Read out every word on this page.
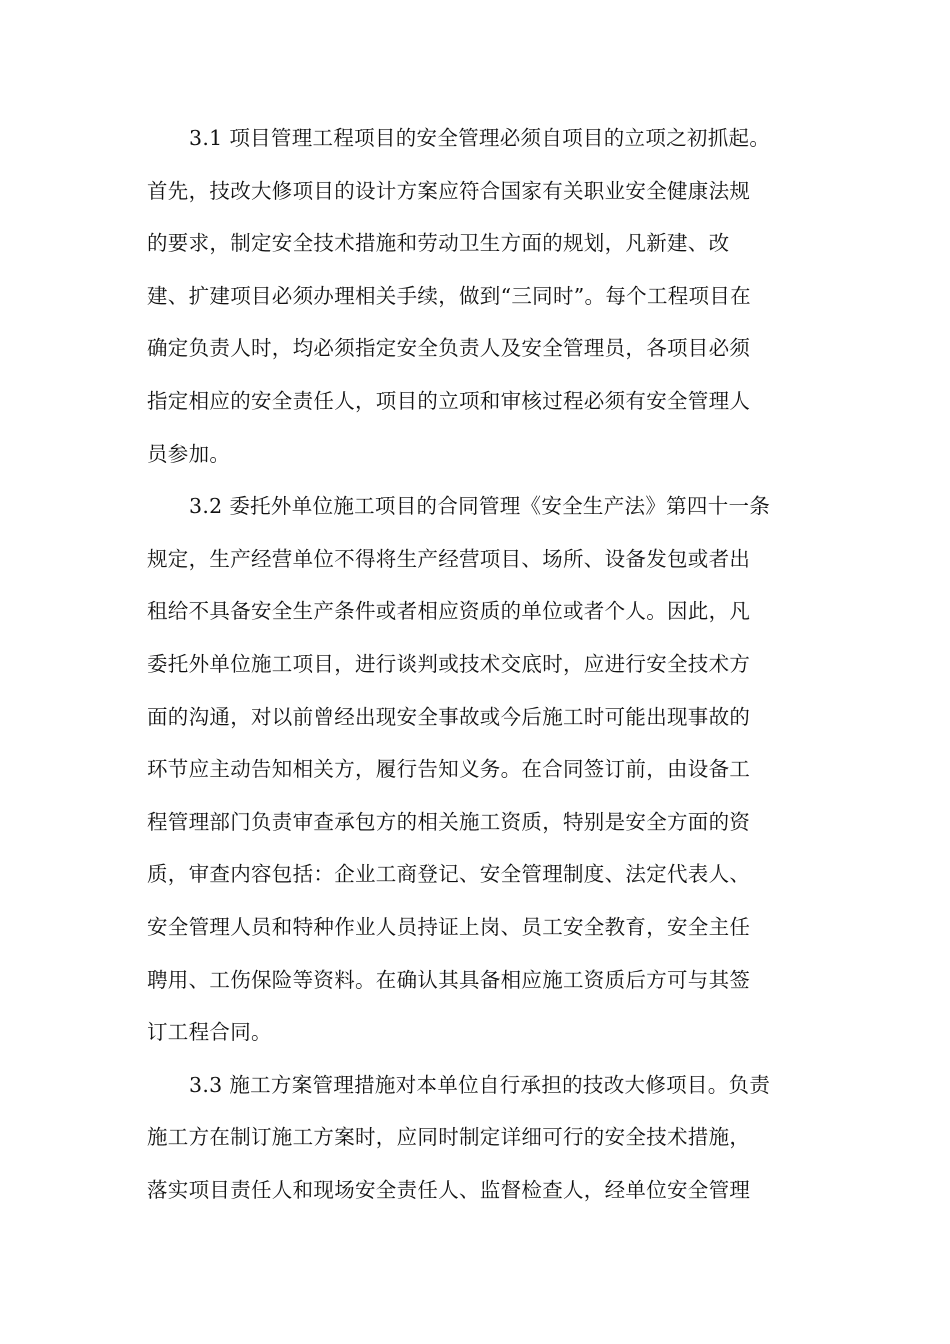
3.1 项目管理工程项目的安全管理必须自项目的立项之初抓起。
首先，技改大修项目的设计方案应符合国家有关职业安全健康法规
的要求，制定安全技术措施和劳动卫生方面的规划，凡新建、改
建、扩建项目必须办理相关手续，做到“三同时”。每个工程项目在
确定负责人时，均必须指定安全负责人及安全管理员，各项目必须
指定相应的安全责任人，项目的立项和审核过程必须有安全管理人
员参加。
3.2 委托外单位施工项目的合同管理《安全生产法》第四十一条
规定，生产经营单位不得将生产经营项目、场所、设备发包或者出
租给不具备安全生产条件或者相应资质的单位或者个人。因此，凡
委托外单位施工项目，进行谈判或技术交底时，应进行安全技术方
面的沟通，对以前曾经出现安全事故或今后施工时可能出现事故的
环节应主动告知相关方，履行告知义务。在合同签订前，由设备工
程管理部门负责审查承包方的相关施工资质，特别是安全方面的资
质，审查内容包括：企业工商登记、安全管理制度、法定代表人、
安全管理人员和特种作业人员持证上岗、员工安全教育，安全主任
聘用、工伤保险等资料。在确认其具备相应施工资质后方可与其签
订工程合同。
3.3 施工方案管理措施对本单位自行承担的技改大修项目。负责
施工方在制订施工方案时，应同时制定详细可行的安全技术措施，
落实项目责任人和现场安全责任人、监督检查人，经单位安全管理
